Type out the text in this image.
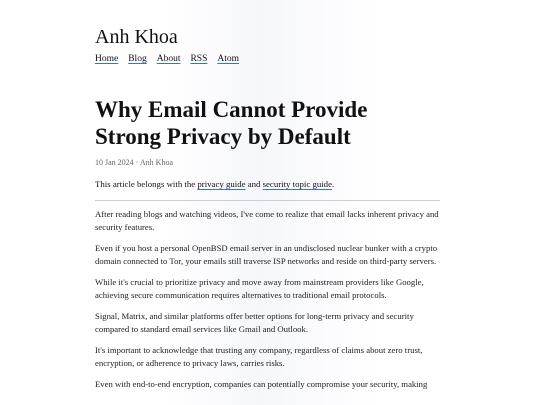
Anh Khoa
Home Blog About RSS Atom
Why Email Cannot Provide Strong Privacy by Default
10 Jan 2024 · Anh Khoa
This article belongs with the privacy guide and security topic guide.

After reading blogs and watching videos, I've come to realize that email lacks inherent privacy and security features.

Even if you host a personal OpenBSD email server in an undisclosed nuclear bunker with a crypto domain connected to Tor, your emails still traverse ISP networks and reside on third-party servers.

While it's crucial to prioritize privacy and move away from mainstream providers like Google, achieving secure communication requires alternatives to traditional email protocols.

Signal, Matrix, and similar platforms offer better options for long-term privacy and security compared to standard email services like Gmail and Outlook.

It's important to acknowledge that trusting any company, regardless of claims about zero trust, encryption, or adherence to privacy laws, carries risks.

Even with end-to-end encryption, companies can potentially compromise your security, making
